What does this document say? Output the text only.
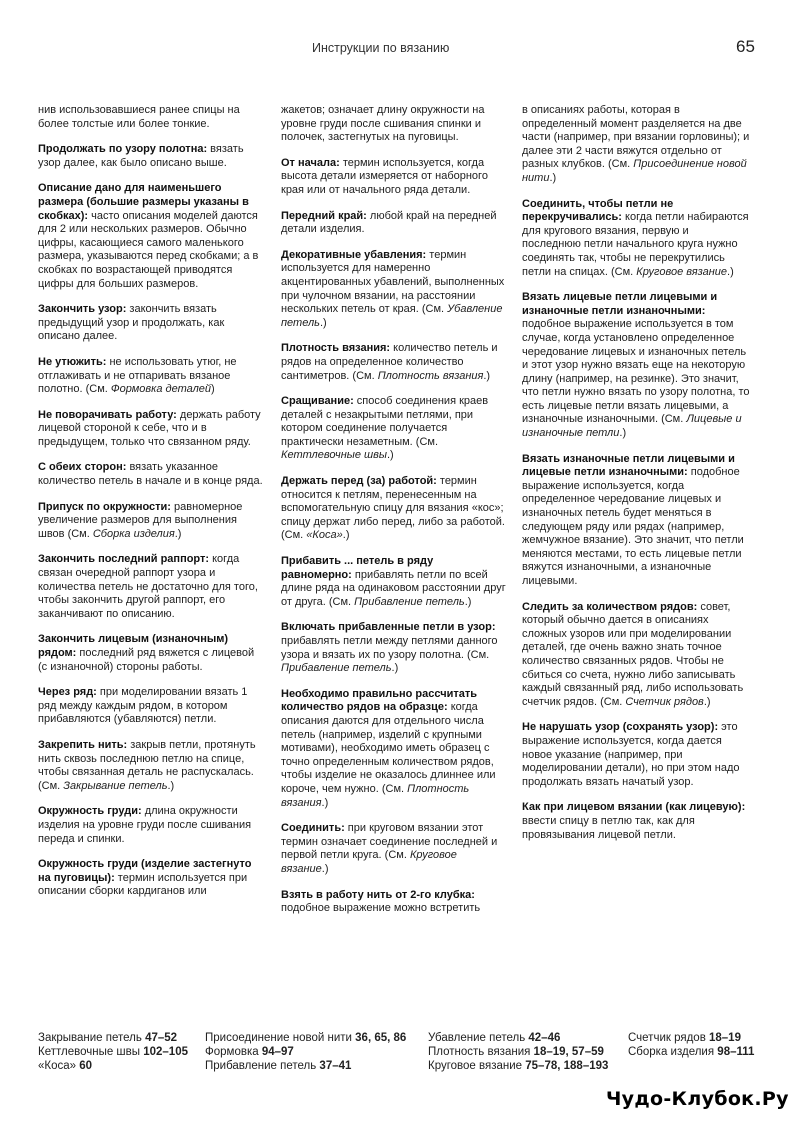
Инструкции по вязанию	65
нив использовавшиеся ранее спицы на более толстые или более тонкие.
Продолжать по узору полотна: вязать узор далее, как было описано выше.
Описание дано для наименьшего размера (большие размеры указаны в скобках): часто описания моделей даются для 2 или нескольких размеров. Обычно цифры, касающиеся самого маленького размера, указываются перед скобками; а в скобках по возрастающей приводятся цифры для больших размеров.
Закончить узор: закончить вязать предыдущий узор и продолжать, как описано далее.
Не утюжить: не использовать утюг, не отглаживать и не отпаривать вязаное полотно. (См. Формовка деталей)
Не поворачивать работу: держать работу лицевой стороной к себе, что и в предыдущем, только что связанном ряду.
С обеих сторон: вязать указанное количество петель в начале и в конце ряда.
Припуск по окружности: равномерное увеличение размеров для выполнения швов (См. Сборка изделия.)
Закончить последний раппорт: когда связан очередной раппорт узора и количества петель не достаточно для того, чтобы закончить другой раппорт, его заканчивают по описанию.
Закончить лицевым (изнаночным) рядом: последний ряд вяжется с лицевой (с изнаночной) стороны работы.
Через ряд: при моделировании вязать 1 ряд между каждым рядом, в котором прибавляются (убавляются) петли.
Закрепить нить: закрыв петли, протянуть нить сквозь последнюю петлю на спице, чтобы связанная деталь не распускалась. (См. Закрывание петель.)
Окружность груди: длина окружности изделия на уровне груди после сшивания переда и спинки.
Окружность груди (изделие застегнуто на пуговицы): термин используется при описании сборки кардиганов или
жакетов; означает длину окружности на уровне груди после сшивания спинки и полочек, застегнутых на пуговицы.
От начала: термин используется, когда высота детали измеряется от наборного края или от начального ряда детали.
Передний край: любой край на передней детали изделия.
Декоративные убавления: термин используется для намеренно акцентированных убавлений, выполненных при чулочном вязании, на расстоянии нескольких петель от края. (См. Убавление петель.)
Плотность вязания: количество петель и рядов на определенное количество сантиметров. (См. Плотность вязания.)
Сращивание: способ соединения краев деталей с незакрытыми петлями, при котором соединение получается практически незаметным. (См. Кеттлевочные швы.)
Держать перед (за) работой: термин относится к петлям, перенесенным на вспомогательную спицу для вязания «кос»; спицу держат либо перед, либо за работой. (См. «Коса».)
Прибавить ... петель в ряду равномерно: прибавлять петли по всей длине ряда на одинаковом расстоянии друг от друга. (См. Прибавление петель.)
Включать прибавленные петли в узор: прибавлять петли между петлями данного узора и вязать их по узору полотна. (См. Прибавление петель.)
Необходимо правильно рассчитать количество рядов на образце: когда описания даются для отдельного числа петель (например, изделий с крупными мотивами), необходимо иметь образец с точно определенным количеством рядов, чтобы изделие не оказалось длиннее или короче, чем нужно. (См. Плотность вязания.)
Соединить: при круговом вязании этот термин означает соединение последней и первой петли круга. (См. Круговое вязание.)
Взять в работу нить от 2-го клубка: подобное выражение можно встретить
в описаниях работы, которая в определенный момент разделяется на две части (например, при вязании горловины); и далее эти 2 части вяжутся отдельно от разных клубков. (См. Присоединение новой нити.)
Соединить, чтобы петли не перекручивались: когда петли набираются для кругового вязания, первую и последнюю петли начального круга нужно соединять так, чтобы не перекрутились петли на спицах. (См. Круговое вязание.)
Вязать лицевые петли лицевыми и изнаночные петли изнаночными: подобное выражение используется в том случае, когда установлено определенное чередование лицевых и изнаночных петель и этот узор нужно вязать еще на некоторую длину (например, на резинке). Это значит, что петли нужно вязать по узору полотна, то есть лицевые петли вязать лицевыми, а изнаночные изнаночными. (См. Лицевые и изнаночные петли.)
Вязать изнаночные петли лицевыми и лицевые петли изнаночными: подобное выражение используется, когда определенное чередование лицевых и изнаночных петель будет меняться в следующем ряду или рядах (например, жемчужное вязание). Это значит, что петли меняются местами, то есть лицевые петли вяжутся изнаночными, а изнаночные лицевыми.
Следить за количеством рядов: совет, который обычно дается в описаниях сложных узоров или при моделировании деталей, где очень важно знать точное количество связанных рядов. Чтобы не сбиться со счета, нужно либо записывать каждый связанный ряд, либо использовать счетчик рядов. (См. Счетчик рядов.)
Не нарушать узор (сохранять узор): это выражение используется, когда дается новое указание (например, при моделировании детали), но при этом надо продолжать вязать начатый узор.
Как при лицевом вязании (как лицевую): ввести спицу в петлю так, как для провязывания лицевой петли.
Закрывание петель 47–52
Кеттлевочные швы 102–105
«Коса» 60
Присоединение новой нити 36, 65, 86
Формовка 94–97
Прибавление петель 37–41
Убавление петель 42–46
Плотность вязания 18–19, 57–59
Круговое вязание 75–78, 188–193
Счетчик рядов 18–19
Сборка изделия 98–111
Чудо-Клубок.Ру
